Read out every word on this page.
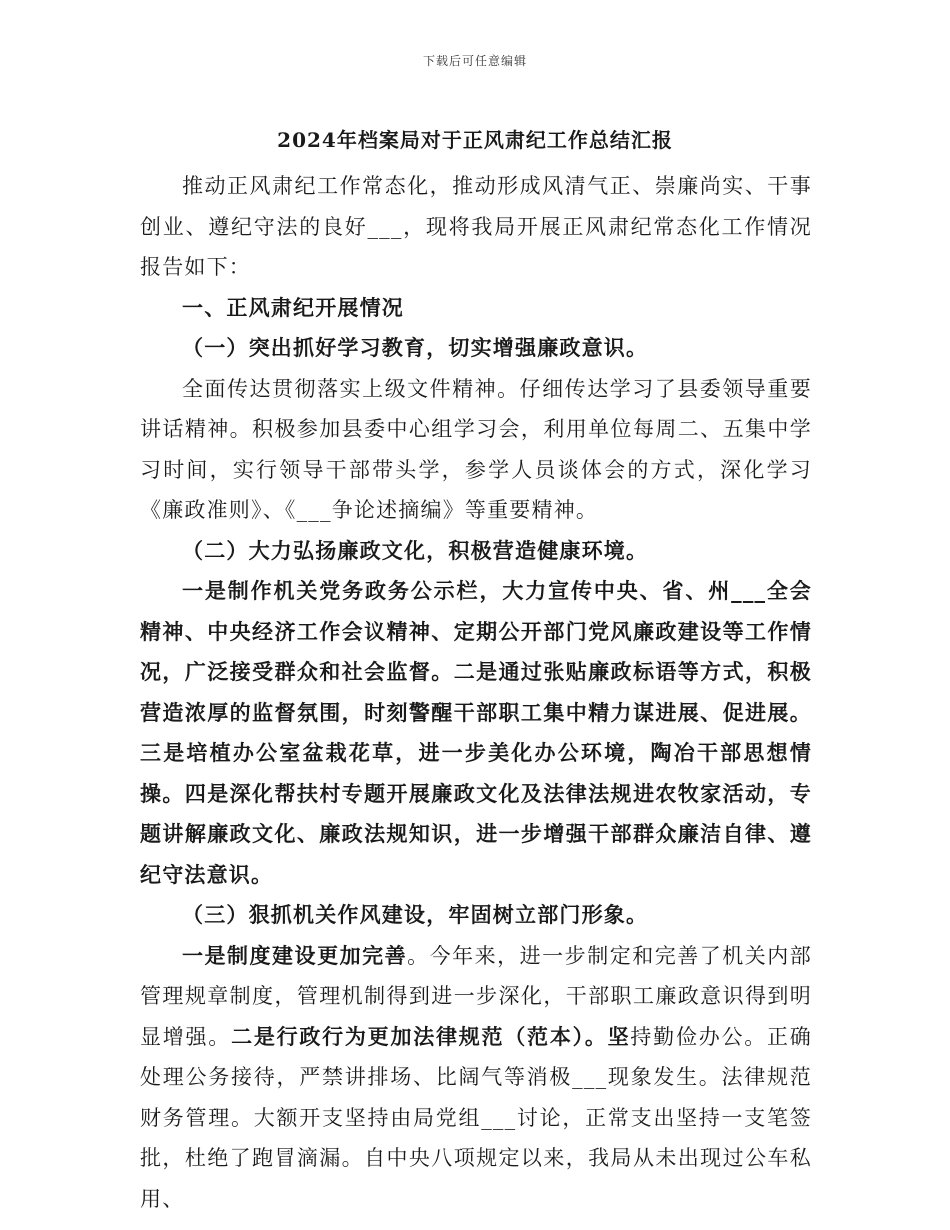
下载后可任意编辑
2024年档案局对于正风肃纪工作总结汇报

推动正风肃纪工作常态化，推动形成风清气正、崇廉尚实、干事创业、遵纪守法的良好___，现将我局开展正风肃纪常态化工作情况报告如下：

一、正风肃纪开展情况

（一）突出抓好学习教育，切实增强廉政意识。

全面传达贯彻落实上级文件精神。仔细传达学习了县委领导重要讲话精神。积极参加县委中心组学习会，利用单位每周二、五集中学习时间，实行领导干部带头学，参学人员谈体会的方式，深化学习《廉政准则》、《___争论述摘编》等重要精神。

（二）大力弘扬廉政文化，积极营造健康环境。

一是制作机关党务政务公示栏，大力宣传中央、省、州___全会精神、中央经济工作会议精神、定期公开部门党风廉政建设等工作情况，广泛接受群众和社会监督。二是通过张贴廉政标语等方式，积极营造浓厚的监督氛围，时刻警醒干部职工集中精力谋进展、促进展。三是培植办公室盆栽花草，进一步美化办公环境，陶冶干部思想情操。四是深化帮扶村专题开展廉政文化及法律法规进农牧家活动，专题讲解廉政文化、廉政法规知识，进一步增强干部群众廉洁自律、遵纪守法意识。

（三）狠抓机关作风建设，牢固树立部门形象。

一是制度建设更加完善。今年来，进一步制定和完善了机关内部管理规章制度，管理机制得到进一步深化，干部职工廉政意识得到明显增强。二是行政行为更加法律规范（范本）。坚持勤俭办公。正确处理公务接待，严禁讲排场、比阔气等消极___现象发生。法律规范财务管理。大额开支坚持由局党组___讨论，正常支出坚持一支笔签批，杜绝了跑冒滴漏。自中央八项规定以来，我局从未出现过公车私用、
